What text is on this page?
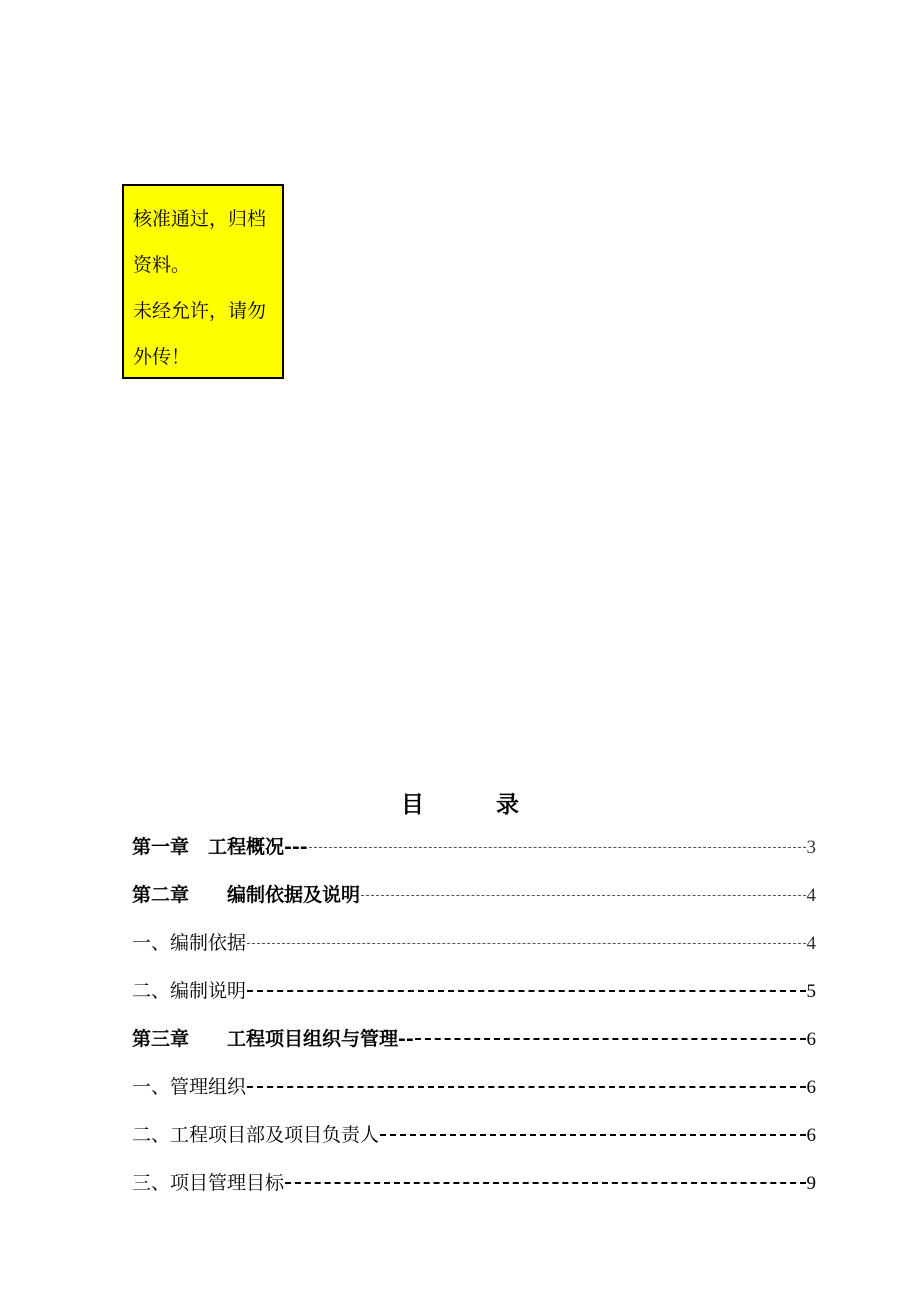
核准通过，归档

资料。

未经允许，请勿

外传！

目	录
第一章　工程概况---	3
第二章　　编制依据及说明	4
一、编制依据	4
二、编制说明	5
第三章　　工程项目组织与管理--	6
一、管理组织	6
二、工程项目部及项目负责人	6
三、项目管理目标	9
